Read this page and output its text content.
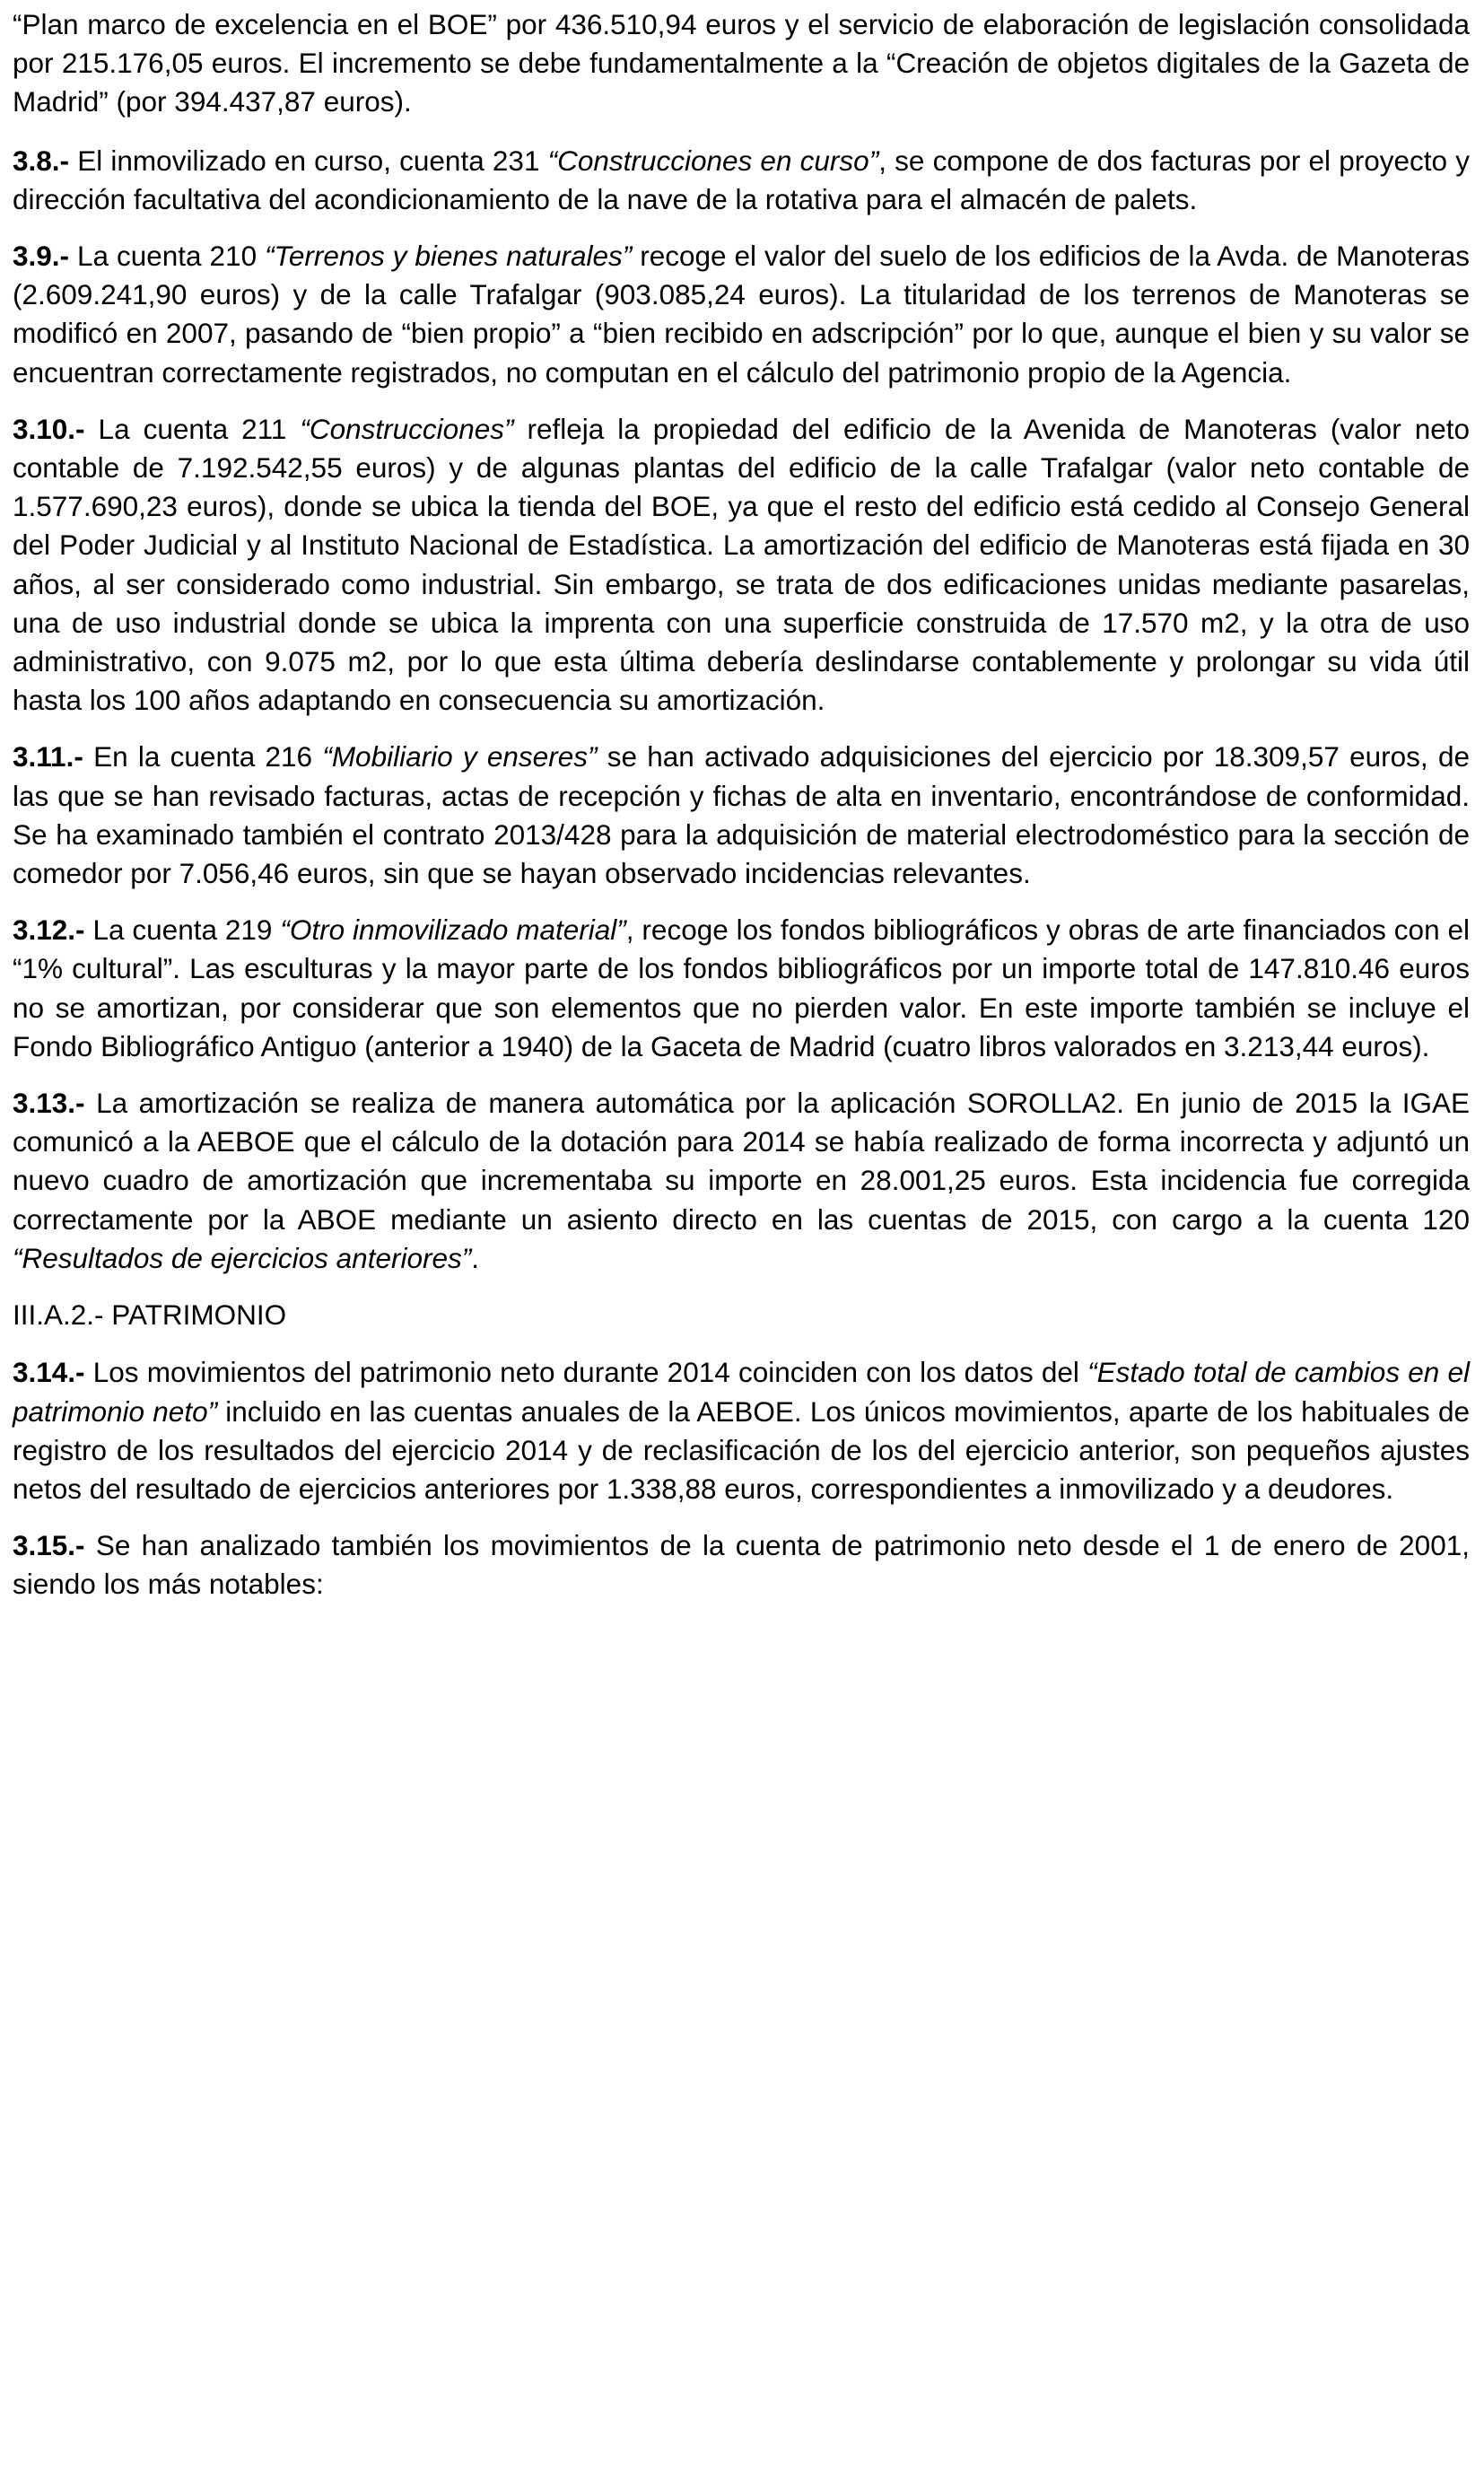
“Plan marco de excelencia en el BOE” por 436.510,94 euros y el servicio de elaboración de legislación consolidada por 215.176,05 euros. El incremento se debe fundamentalmente a la “Creación de objetos digitales de la Gazeta de Madrid” (por 394.437,87 euros).

3.8.- El inmovilizado en curso, cuenta 231 “Construcciones en curso”, se compone de dos facturas por el proyecto y dirección facultativa del acondicionamiento de la nave de la rotativa para el almacén de palets.

3.9.- La cuenta 210 “Terrenos y bienes naturales” recoge el valor del suelo de los edificios de la Avda. de Manoteras (2.609.241,90 euros) y de la calle Trafalgar (903.085,24 euros). La titularidad de los terrenos de Manoteras se modificó en 2007, pasando de “bien propio” a “bien recibido en adscripción” por lo que, aunque el bien y su valor se encuentran correctamente registrados, no computan en el cálculo del patrimonio propio de la Agencia.

3.10.- La cuenta 211 “Construcciones” refleja la propiedad del edificio de la Avenida de Manoteras (valor neto contable de 7.192.542,55 euros) y de algunas plantas del edificio de la calle Trafalgar (valor neto contable de 1.577.690,23 euros), donde se ubica la tienda del BOE, ya que el resto del edificio está cedido al Consejo General del Poder Judicial y al Instituto Nacional de Estadística. La amortización del edificio de Manoteras está fijada en 30 años, al ser considerado como industrial. Sin embargo, se trata de dos edificaciones unidas mediante pasarelas, una de uso industrial donde se ubica la imprenta con una superficie construida de 17.570 m2, y la otra de uso administrativo, con 9.075 m2, por lo que esta última debería deslindarse contablemente y prolongar su vida útil hasta los 100 años adaptando en consecuencia su amortización.

3.11.- En la cuenta 216 “Mobiliario y enseres” se han activado adquisiciones del ejercicio por 18.309,57 euros, de las que se han revisado facturas, actas de recepción y fichas de alta en inventario, encontrándose de conformidad. Se ha examinado también el contrato 2013/428 para la adquisición de material electrodoméstico para la sección de comedor por 7.056,46 euros, sin que se hayan observado incidencias relevantes.

3.12.- La cuenta 219 “Otro inmovilizado material”, recoge los fondos bibliográficos y obras de arte financiados con el “1% cultural”. Las esculturas y la mayor parte de los fondos bibliográficos por un importe total de 147.810.46 euros no se amortizan, por considerar que son elementos que no pierden valor. En este importe también se incluye el Fondo Bibliográfico Antiguo (anterior a 1940) de la Gaceta de Madrid (cuatro libros valorados en 3.213,44 euros).

3.13.- La amortización se realiza de manera automática por la aplicación SOROLLA2. En junio de 2015 la IGAE comunicó a la AEBOE que el cálculo de la dotación para 2014 se había realizado de forma incorrecta y adjuntó un nuevo cuadro de amortización que incrementaba su importe en 28.001,25 euros. Esta incidencia fue corregida correctamente por la ABOE mediante un asiento directo en las cuentas de 2015, con cargo a la cuenta 120 “Resultados de ejercicios anteriores”.

III.A.2.- PATRIMONIO

3.14.- Los movimientos del patrimonio neto durante 2014 coinciden con los datos del “Estado total de cambios en el patrimonio neto” incluido en las cuentas anuales de la AEBOE. Los únicos movimientos, aparte de los habituales de registro de los resultados del ejercicio 2014 y de reclasificación de los del ejercicio anterior, son pequeños ajustes netos del resultado de ejercicios anteriores por 1.338,88 euros, correspondientes a inmovilizado y a deudores.

3.15.- Se han analizado también los movimientos de la cuenta de patrimonio neto desde el 1 de enero de 2001, siendo los más notables:
